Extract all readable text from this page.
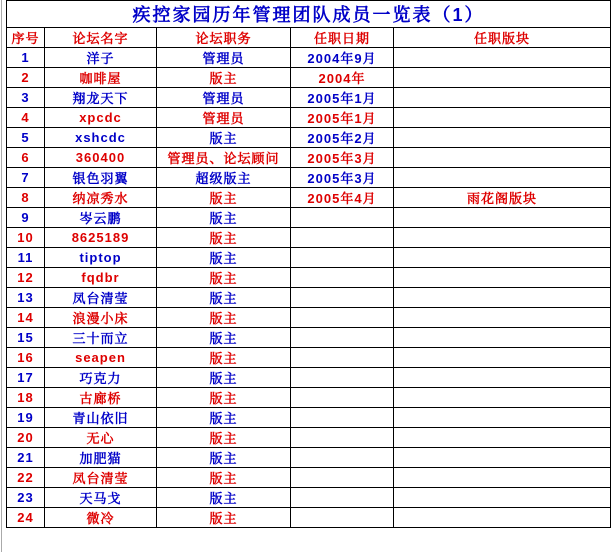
疾控家园历年管理团队成员一览表（1）				
序号	论坛名字	论坛职务	任职日期	任职版块
1	洋子	管理员	2004年9月	
2	咖啡屋	版主	2004年	
3	翔龙天下	管理员	2005年1月	
4	xpcdc	管理员	2005年1月	
5	xshcdc	版主	2005年2月	
6	360400	管理员、论坛顾问	2005年3月	
7	银色羽翼	超级版主	2005年3月	
8	纳凉秀水	版主	2005年4月	雨花阁版块
9	岑云鹏	版主		
10	8625189	版主		
11	tiptop	版主		
12	fqdbr	版主		
13	凤台清莹	版主		
14	浪漫小床	版主		
15	三十而立	版主		
16	seapen	版主		
17	巧克力	版主		
18	古廊桥	版主		
19	青山依旧	版主		
20	无心	版主		
21	加肥猫	版主		
22	凤台清莹	版主		
23	天马戈	版主		
24	微冷	版主		
